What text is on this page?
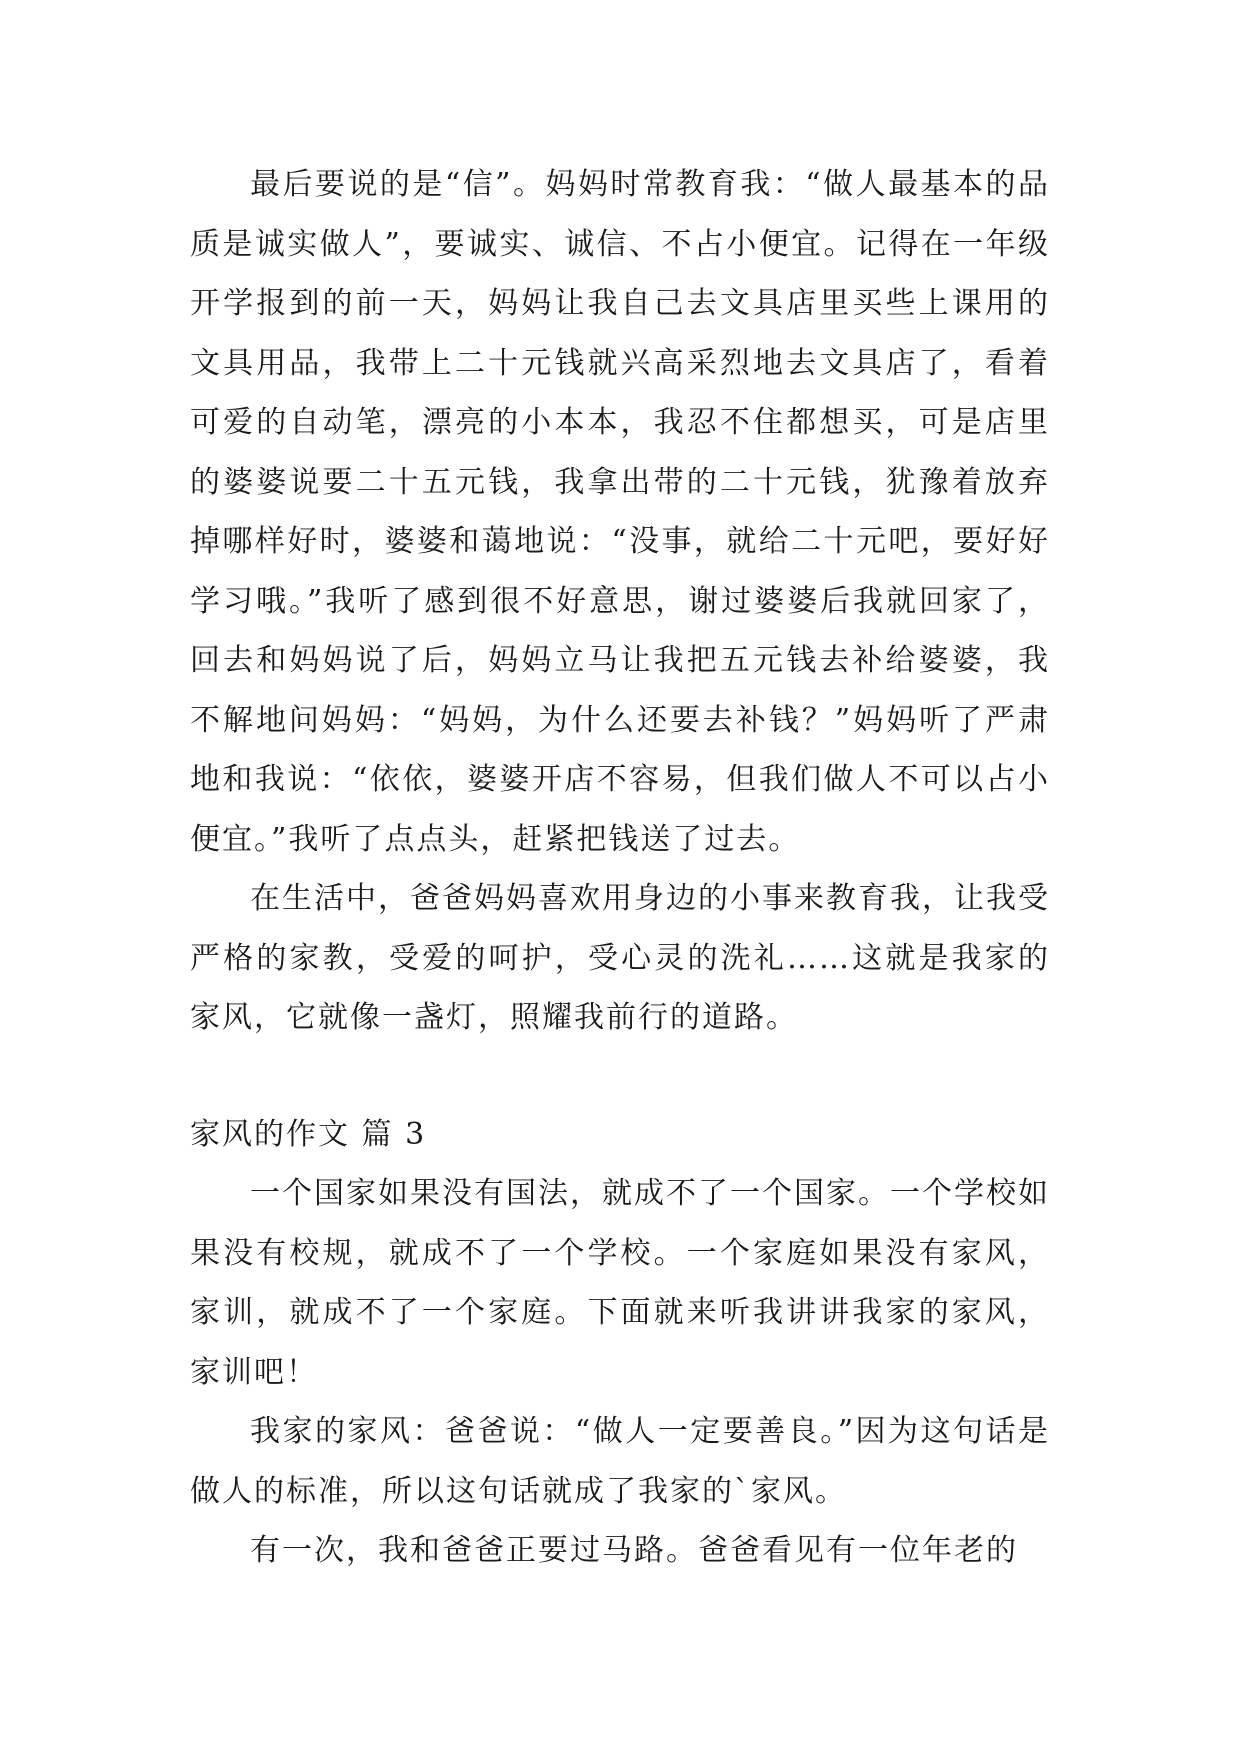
最后要说的是“信”。妈妈时常教育我：“做人最基本的品质是诚实做人”，要诚实、诚信、不占小便宜。记得在一年级开学报到的前一天，妈妈让我自己去文具店里买些上课用的文具用品，我带上二十元钱就兴高采烈地去文具店了，看着可爱的自动笔，漂亮的小本本，我忍不住都想买，可是店里的婆婆说要二十五元钱，我拿出带的二十元钱，犹豫着放弃掉哪样好时，婆婆和蔼地说：“没事，就给二十元吧，要好好学习哦。”我听了感到很不好意思，谢过婆婆后我就回家了，回去和妈妈说了后，妈妈立马让我把五元钱去补给婆婆，我不解地问妈妈：“妈妈，为什么还要去补钱？”妈妈听了严肃地和我说：“依依，婆婆开店不容易，但我们做人不可以占小便宜。”我听了点点头，赶紧把钱送了过去。

在生活中，爸爸妈妈喜欢用身边的小事来教育我，让我受严格的家教，受爱的呵护，受心灵的洗礼……这就是我家的家风，它就像一盏灯，照耀我前行的道路。

家风的作文 篇 3

一个国家如果没有国法，就成不了一个国家。一个学校如果没有校规，就成不了一个学校。一个家庭如果没有家风，家训，就成不了一个家庭。下面就来听我讲讲我家的家风，家训吧！

我家的家风：爸爸说：“做人一定要善良。”因为这句话是做人的标准，所以这句话就成了我家的`家风。

有一次，我和爸爸正要过马路。爸爸看见有一位年老的
